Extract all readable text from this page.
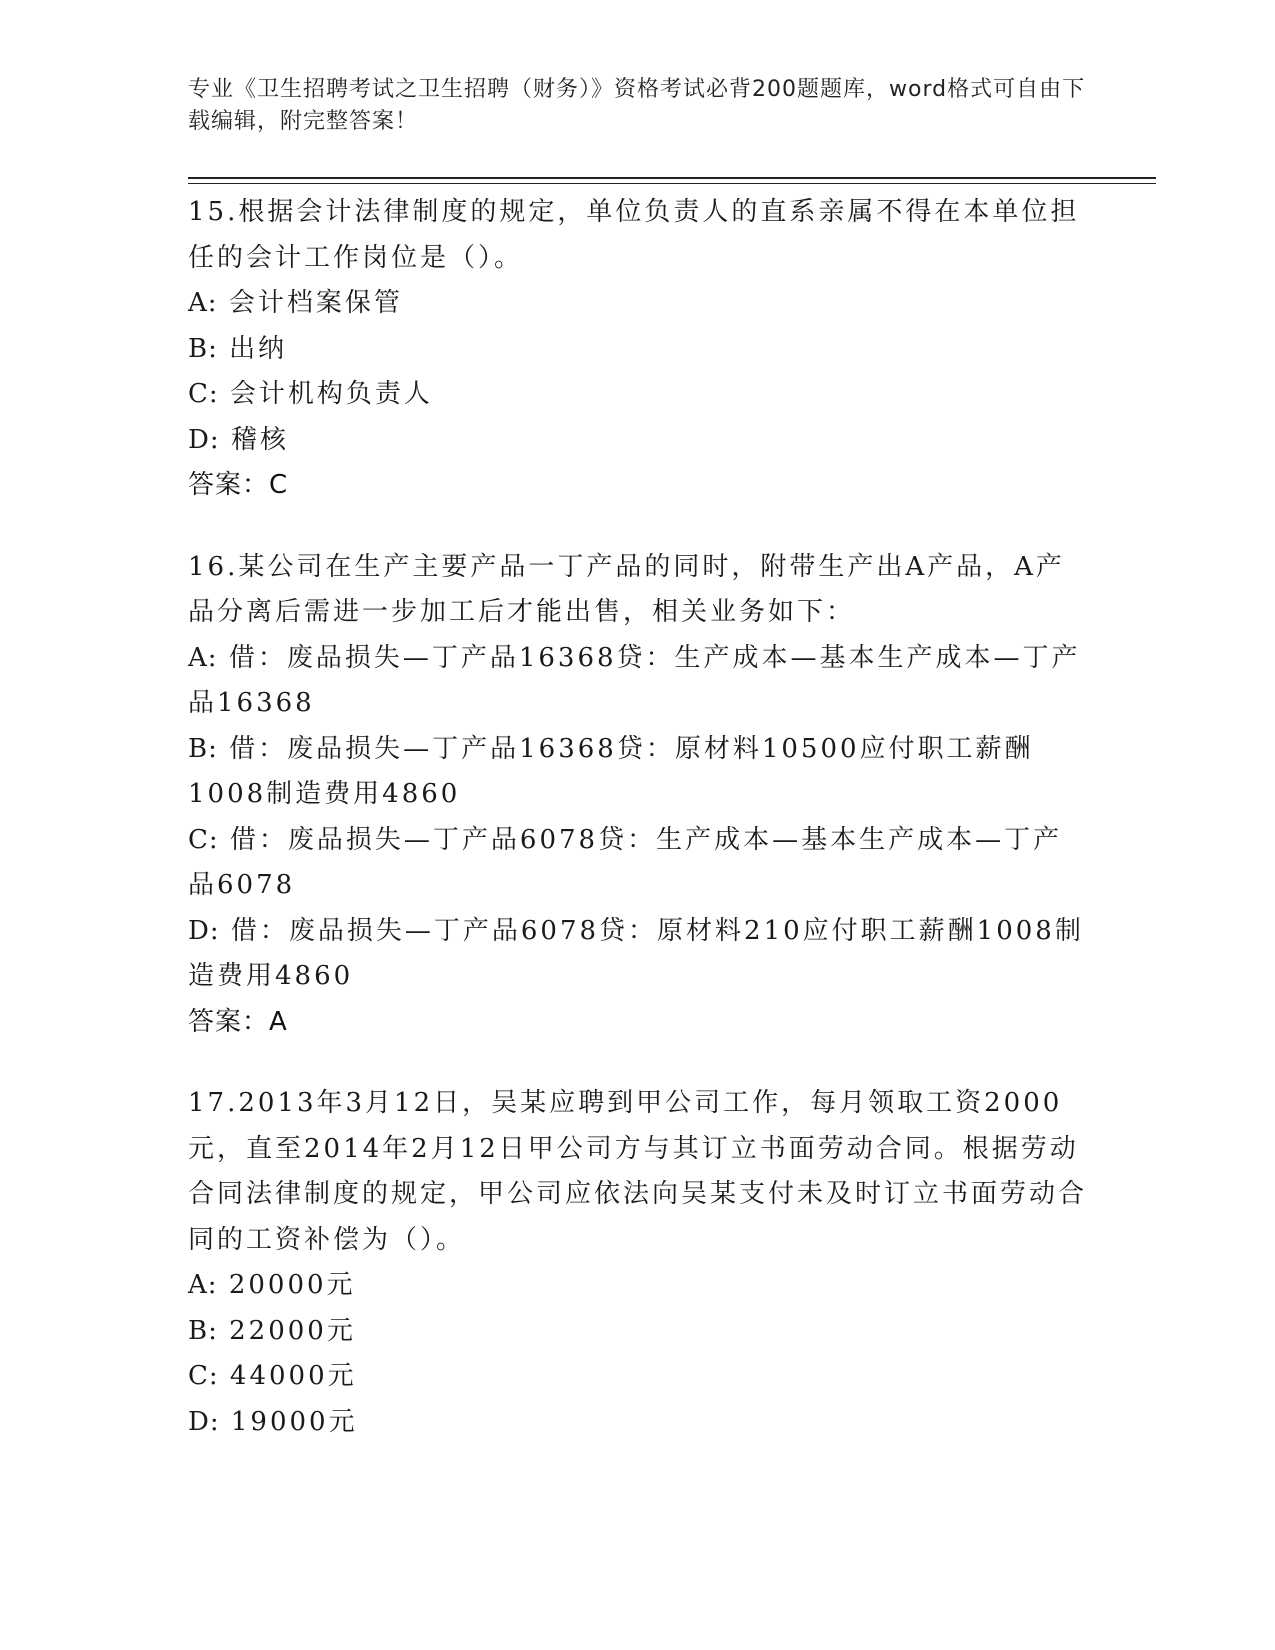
专业《卫生招聘考试之卫生招聘（财务）》资格考试必背200题题库，word格式可自由下载编辑，附完整答案！

15.根据会计法律制度的规定，单位负责人的直系亲属不得在本单位担任的会计工作岗位是（）。

A: 会计档案保管

B: 出纳

C: 会计机构负责人

D: 稽核

答案：C

16.某公司在生产主要产品一丁产品的同时，附带生产出A产品，A产品分离后需进一步加工后才能出售，相关业务如下：

A: 借：废品损失—丁产品16368贷：生产成本—基本生产成本—丁产品16368

B: 借：废品损失—丁产品16368贷：原材料10500应付职工薪酬1008制造费用4860

C: 借：废品损失—丁产品6078贷：生产成本—基本生产成本—丁产品6078

D: 借：废品损失—丁产品6078贷：原材料210应付职工薪酬1008制造费用4860

答案：A

17.2013年3月12日，吴某应聘到甲公司工作，每月领取工资2000元，直至2014年2月12日甲公司方与其订立书面劳动合同。根据劳动合同法律制度的规定，甲公司应依法向吴某支付未及时订立书面劳动合同的工资补偿为（）。

A: 20000元

B: 22000元

C: 44000元

D: 19000元
